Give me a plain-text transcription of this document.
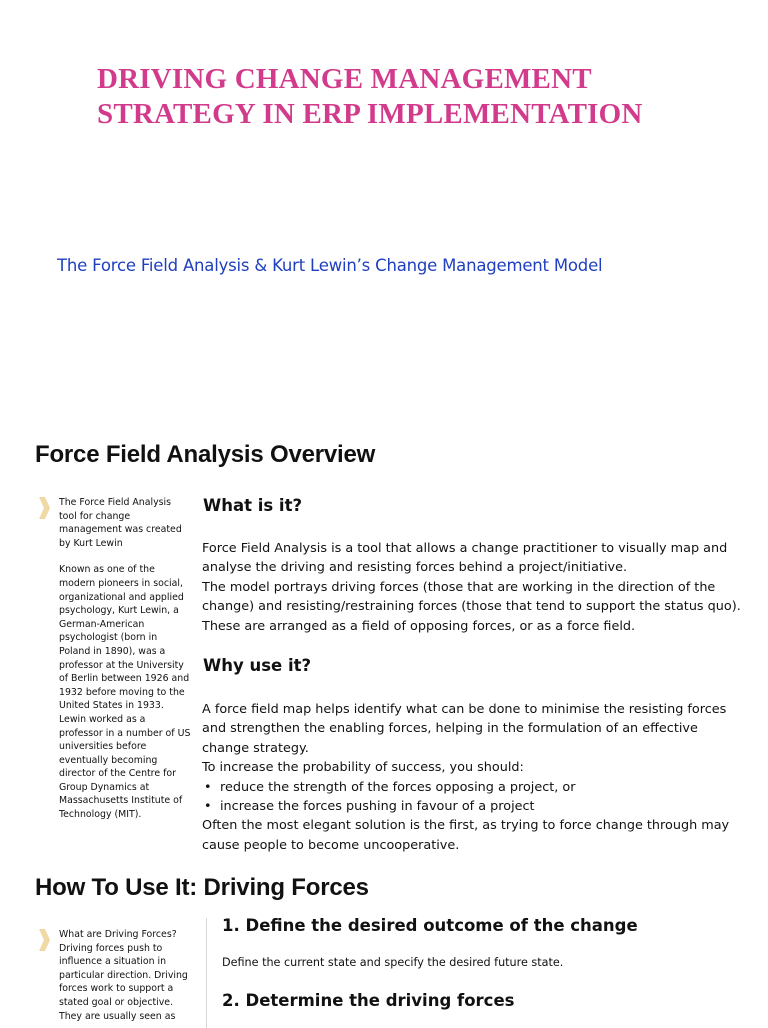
DRIVING CHANGE MANAGEMENT
STRATEGY IN ERP IMPLEMENTATION
The Force Field Analysis & Kurt Lewin’s Change Management Model
Force Field Analysis Overview

The Force Field Analysis tool for change management was created by Kurt Lewin

Known as one of the modern pioneers in social, organizational and applied psychology, Kurt Lewin, a German-American psychologist (born in Poland in 1890), was a professor at the University of Berlin between 1926 and 1932 before moving to the United States in 1933. Lewin worked as a professor in a number of US universities before eventually becoming director of the Centre for Group Dynamics at Massachusetts Institute of Technology (MIT).

What is it?

Force Field Analysis is a tool that allows a change practitioner to visually map and analyse the driving and resisting forces behind a project/initiative.

The model portrays driving forces (those that are working in the direction of the change) and resisting/restraining forces (those that tend to support the status quo). These are arranged as a field of opposing forces, or as a force field.

Why use it?

A force field map helps identify what can be done to minimise the resisting forces and strengthen the enabling forces, helping in the formulation of an effective change strategy.

To increase the probability of success, you should:

• reduce the strength of the forces opposing a project, or
• increase the forces pushing in favour of a project

Often the most elegant solution is the first, as trying to force change through may cause people to become uncooperative.

How To Use It: Driving Forces

What are Driving Forces?

Driving forces push to influence a situation in particular direction. Driving forces work to support a stated goal or objective. They are usually seen as

1. Define the desired outcome of the change
Define the current state and specify the desired future state.
2. Determine the driving forces
